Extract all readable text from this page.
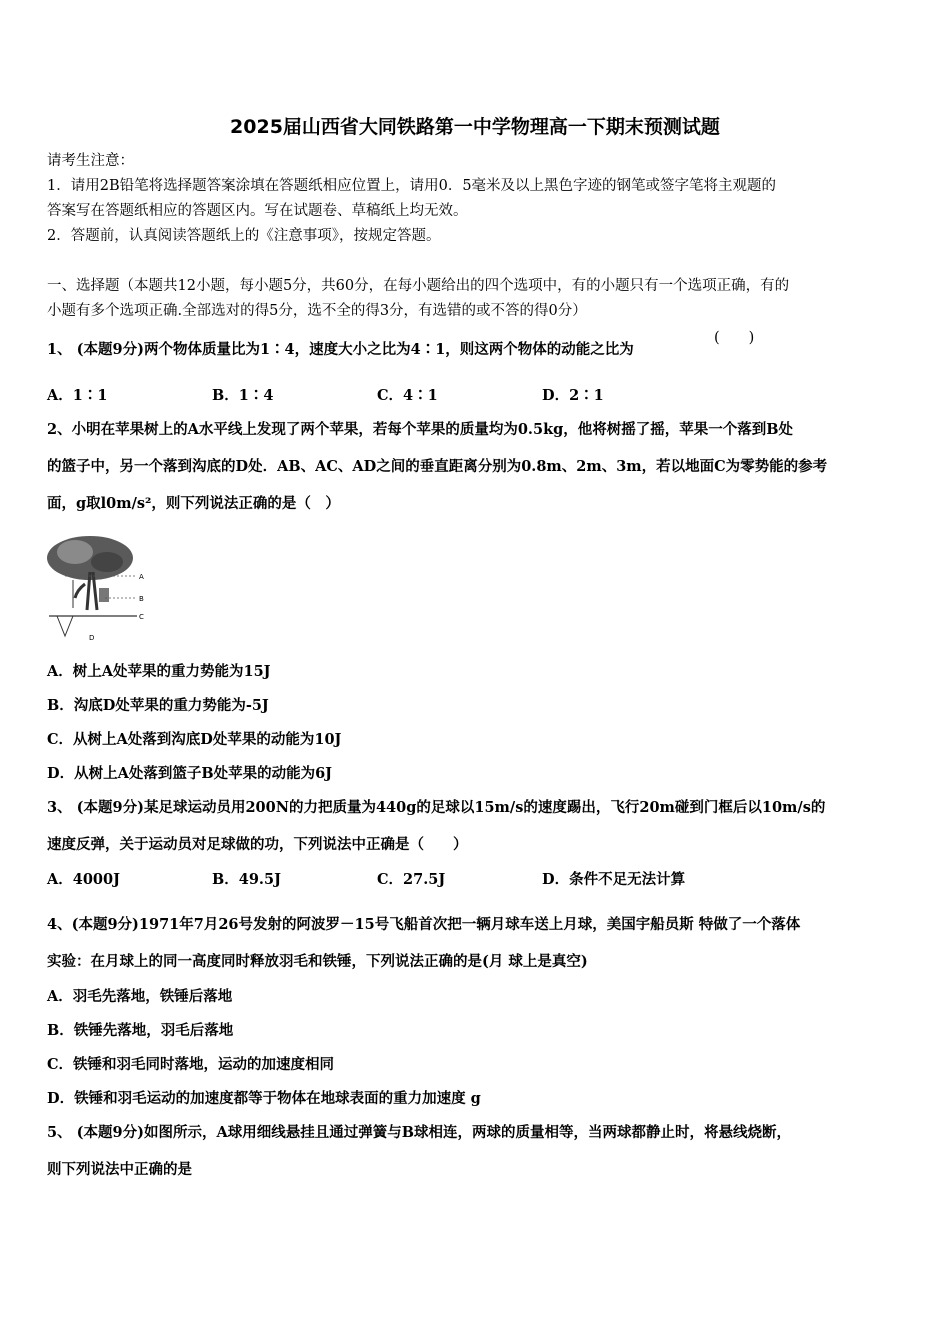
2025届山西省大同铁路第一中学物理高一下期末预测试题
请考生注意：
1．请用2B铅笔将选择题答案涂填在答题纸相应位置上，请用0．5毫米及以上黑色字迹的钢笔或签字笔将主观题的
答案写在答题纸相应的答题区内。写在试题卷、草稿纸上均无效。
2．答题前，认真阅读答题纸上的《注意事项》，按规定答题。
一、选择题（本题共12小题，每小题5分，共60分，在每小题给出的四个选项中，有的小题只有一个选项正确，有的
小题有多个选项正确.全部选对的得5分，选不全的得3分，有选错的或不答的得0分）
1、 (本题9分)两个物体质量比为1∶4，速度大小之比为4∶1，则这两个物体的动能之比为
(　　)
A．1∶1	B．1∶4	C．4∶1	D．2∶1
2、小明在苹果树上的A水平线上发现了两个苹果，若每个苹果的质量均为0.5kg，他将树摇了摇，苹果一个落到B处
的篮子中，另一个落到沟底的D处．AB、AC、AD之间的垂直距离分别为0.8m、2m、3m，若以地面C为零势能的参考
面，g取l0m/s²，则下列说法正确的是（　）
A
B
C
D
A．树上A处苹果的重力势能为15J
B．沟底D处苹果的重力势能为-5J
C．从树上A处落到沟底D处苹果的动能为10J
D．从树上A处落到篮子B处苹果的动能为6J
3、 (本题9分)某足球运动员用200N的力把质量为440g的足球以15m/s的速度踢出，飞行20m碰到门框后以10m/s的
速度反弹，关于运动员对足球做的功，下列说法中正确是（　　）
A．4000J	B．49.5J	C．27.5J	D．条件不足无法计算
4、(本题9分)1971年7月26号发射的阿波罗－15号飞船首次把一辆月球车送上月球，美国宇船员斯 特做了一个落体
实验：在月球上的同一高度同时释放羽毛和铁锤，下列说法正确的是(月 球上是真空)
A．羽毛先落地，铁锤后落地
B．铁锤先落地，羽毛后落地
C．铁锤和羽毛同时落地，运动的加速度相同
D．铁锤和羽毛运动的加速度都等于物体在地球表面的重力加速度 g
5、 (本题9分)如图所示，A球用细线悬挂且通过弹簧与B球相连，两球的质量相等，当两球都静止时，将悬线烧断，
则下列说法中正确的是
